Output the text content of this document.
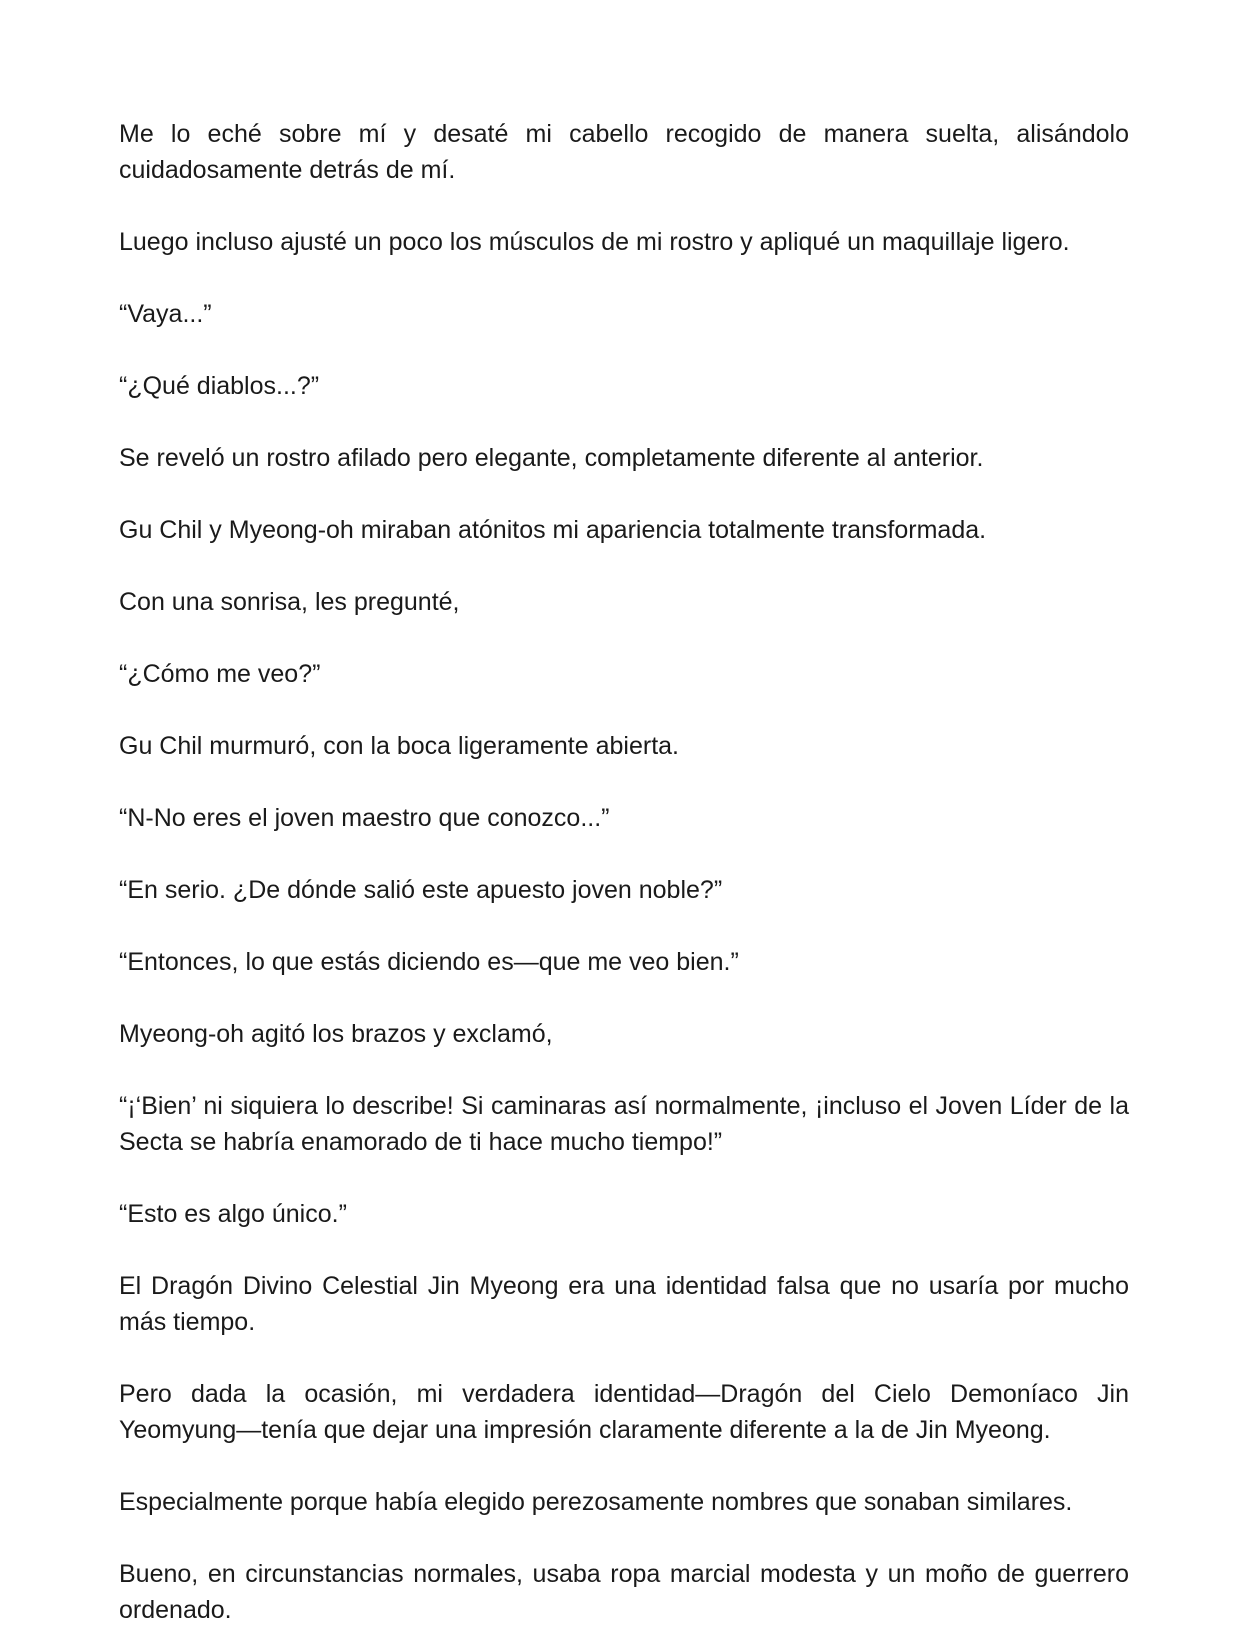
Me lo eché sobre mí y desaté mi cabello recogido de manera suelta, alisándolo cuidadosamente detrás de mí.

Luego incluso ajusté un poco los músculos de mi rostro y apliqué un maquillaje ligero.

“Vaya...”

“¿Qué diablos...?”

Se reveló un rostro afilado pero elegante, completamente diferente al anterior.

Gu Chil y Myeong-oh miraban atónitos mi apariencia totalmente transformada.

Con una sonrisa, les pregunté,

“¿Cómo me veo?”

Gu Chil murmuró, con la boca ligeramente abierta.

“N-No eres el joven maestro que conozco...”

“En serio. ¿De dónde salió este apuesto joven noble?”

“Entonces, lo que estás diciendo es—que me veo bien.”

Myeong-oh agitó los brazos y exclamó,

“¡‘Bien’ ni siquiera lo describe! Si caminaras así normalmente, ¡incluso el Joven Líder de la Secta se habría enamorado de ti hace mucho tiempo!”

“Esto es algo único.”

El Dragón Divino Celestial Jin Myeong era una identidad falsa que no usaría por mucho más tiempo.

Pero dada la ocasión, mi verdadera identidad—Dragón del Cielo Demoníaco Jin Yeomyung—tenía que dejar una impresión claramente diferente a la de Jin Myeong.

Especialmente porque había elegido perezosamente nombres que sonaban similares.

Bueno, en circunstancias normales, usaba ropa marcial modesta y un moño de guerrero ordenado.
